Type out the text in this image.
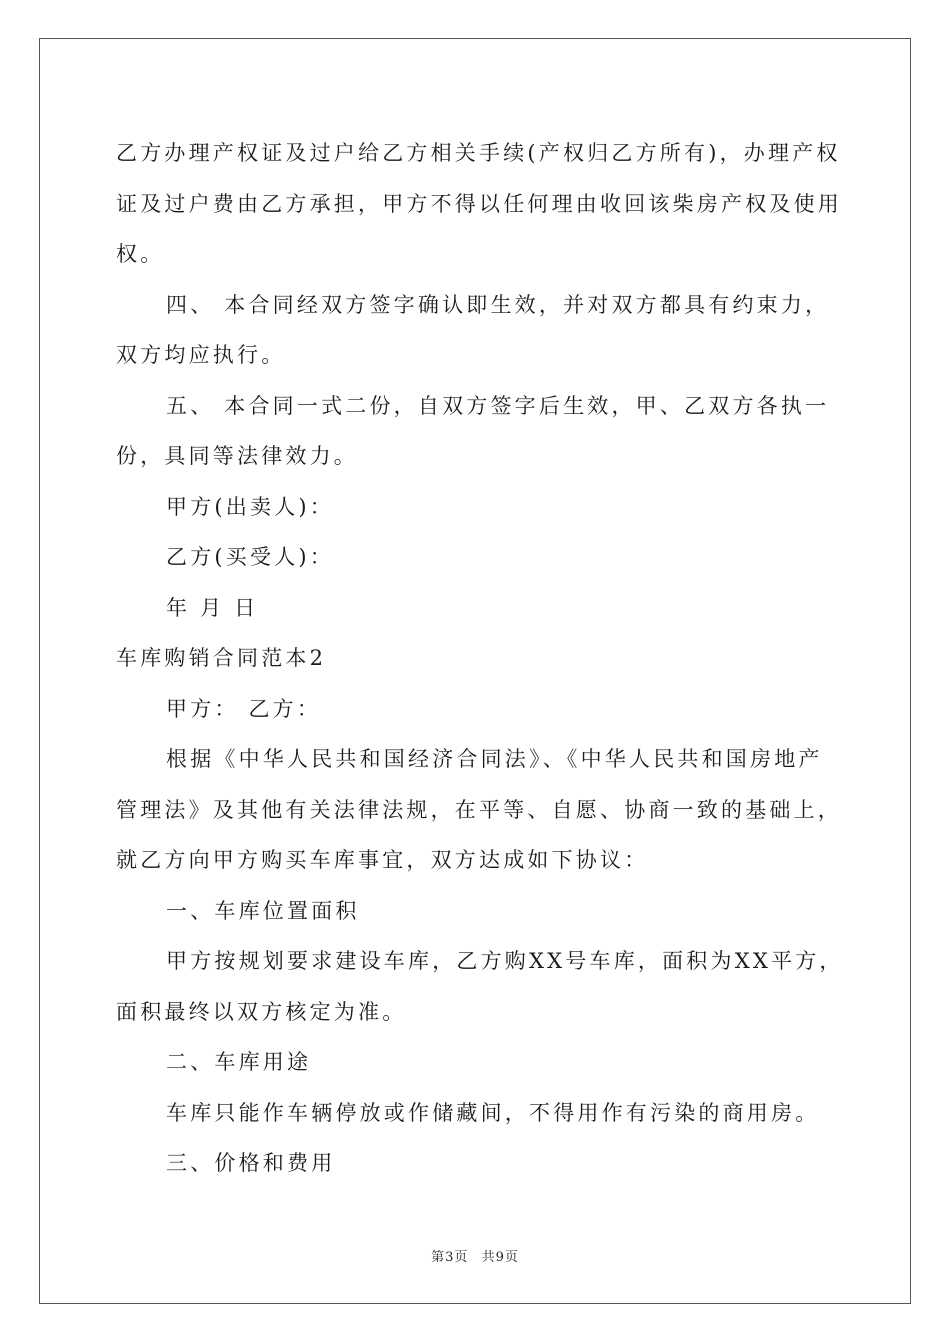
乙方办理产权证及过户给乙方相关手续(产权归乙方所有)，办理产权
证及过户费由乙方承担，甲方不得以任何理由收回该柴房产权及使用
权。
四、 本合同经双方签字确认即生效，并对双方都具有约束力，
双方均应执行。
五、 本合同一式二份，自双方签字后生效，甲、乙双方各执一
份，具同等法律效力。
甲方(出卖人)：
乙方(买受人)：
年 月 日
车库购销合同范本2
甲方： 乙方：
根据《中华人民共和国经济合同法》、《中华人民共和国房地产
管理法》及其他有关法律法规，在平等、自愿、协商一致的基础上，
就乙方向甲方购买车库事宜，双方达成如下协议：
一、车库位置面积
甲方按规划要求建设车库，乙方购XX号车库，面积为XX平方，
面积最终以双方核定为准。
二、车库用途
车库只能作车辆停放或作储藏间，不得用作有污染的商用房。
三、价格和费用
第3页 共9页
